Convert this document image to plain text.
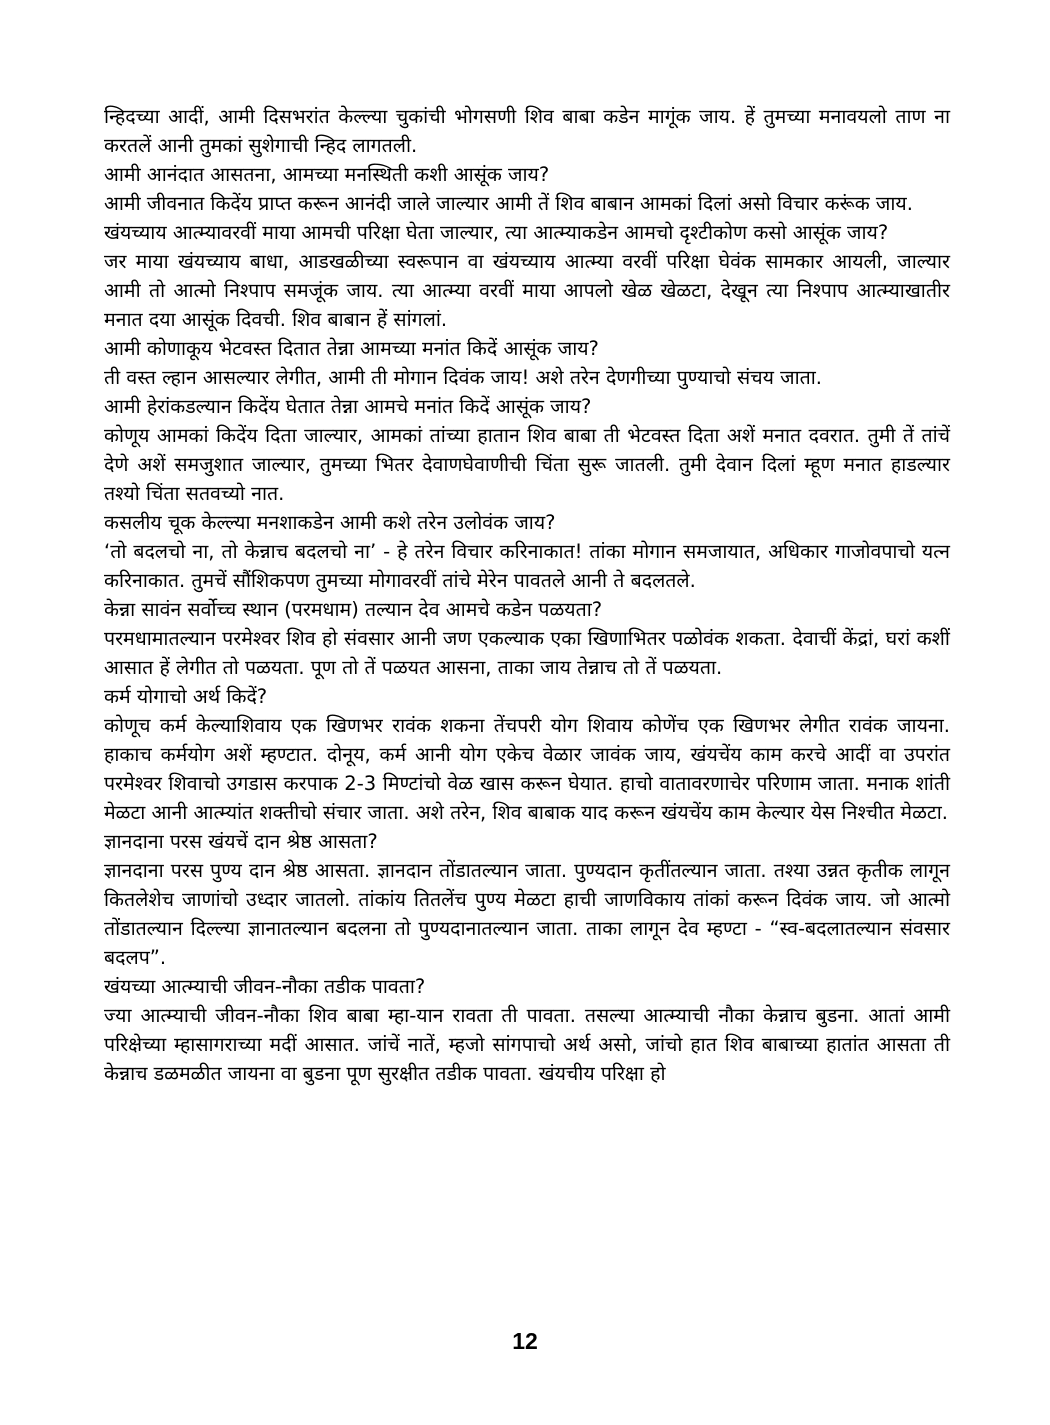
न्हिदच्या आदीं, आमी दिसभरांत केल्ल्या चुकांची भोगसणी शिव बाबा कडेन मागूंक जाय. हें तुमच्या मनावयलो ताण ना करतलें आनी तुमकां सुशेगाची न्हिद लागतली.

आमी आनंदात आसतना, आमच्या मनस्थिती कशी आसूंक जाय?

आमी जीवनात किदेंय प्राप्त करून आनंदी जाले जाल्यार आमी तें शिव बाबान आमकां दिलां असो विचार करूंक जाय.

खंयच्याय आत्म्यावरवीं माया आमची परिक्षा घेता जाल्यार, त्या आत्म्याकडेन आमचो दृश्टीकोण कसो आसूंक जाय?

जर माया खंयच्याय बाधा, आडखळीच्या स्वरूपान वा खंयच्याय आत्म्या वरवीं परिक्षा घेवंक सामकार आयली, जाल्यार आमी तो आत्मो निश्पाप समजूंक जाय. त्या आत्म्या वरवीं माया आपलो खेळ खेळटा, देखून त्या निश्पाप आत्म्याखातीर मनात दया आसूंक दिवची. शिव बाबान हें सांगलां.

आमी कोणाकूय भेटवस्त दितात तेन्ना आमच्या मनांत किदें आसूंक जाय?

ती वस्त ल्हान आसल्यार लेगीत, आमी ती मोगान दिवंक जाय! अशे तरेन देणगीच्या पुण्याचो संचय जाता.

आमी हेरांकडल्यान किदेंय घेतात तेन्ना आमचे मनांत किदें आसूंक जाय?

कोणूय आमकां किदेंय दिता जाल्यार, आमकां तांच्या हातान शिव बाबा ती भेटवस्त दिता अशें मनात दवरात. तुमी तें तांचें देणे अशें समजुशात जाल्यार, तुमच्या भितर देवाणघेवाणीची चिंता सुरू जातली. तुमी देवान दिलां म्हूण मनात हाडल्यार तश्यो चिंता सतवच्यो नात.

कसलीय चूक केल्ल्या मनशाकडेन आमी कशे तरेन उलोवंक जाय?

‘तो बदलचो ना, तो केन्नाच बदलचो ना’ - हे तरेन विचार करिनाकात! तांका मोगान समजायात, अधिकार गाजोवपाचो यत्न करिनाकात. तुमचें सौंशिकपण तुमच्या मोगावरवीं तांचे मेरेन पावतले आनी ते बदलतले.

केन्ना सावंन सर्वोच्च स्थान (परमधाम) तल्यान देव आमचे कडेन पळयता?

परमधामातल्यान परमेश्वर शिव हो संवसार आनी जण एकल्याक एका खिणाभितर पळोवंक शकता. देवाचीं केंद्रां, घरां कशीं आसात हें लेगीत तो पळयता. पूण तो तें पळयत आसना, ताका जाय तेन्नाच तो तें पळयता.

कर्म योगाचो अर्थ किदें?

कोणूच कर्म केल्याशिवाय एक खिणभर रावंक शकना तेंचपरी योग शिवाय कोणेंच एक खिणभर लेगीत रावंक जायना. हाकाच कर्मयोग अशें म्हण्टात. दोनूय, कर्म आनी योग एकेच वेळार जावंक जाय, खंयचेंय काम करचे आदीं वा उपरांत परमेश्वर शिवाचो उगडास करपाक 2-3 मिण्टांचो वेळ खास करून घेयात. हाचो वातावरणाचेर परिणाम जाता. मनाक शांती मेळटा आनी आत्म्यांत शक्तीचो संचार जाता. अशे तरेन, शिव बाबाक याद करून खंयचेंय काम केल्यार येस निश्चीत मेळटा.

ज्ञानदाना परस खंयचें दान श्रेष्ठ आसता?

ज्ञानदाना परस पुण्य दान श्रेष्ठ आसता. ज्ञानदान तोंडातल्यान जाता. पुण्यदान कृतींतल्यान जाता. तश्या उन्नत कृतीक लागून कितलेशेच जाणांचो उध्दार जातलो. तांकांय तितलेंच पुण्य मेळटा हाची जाणविकाय तांकां करून दिवंक जाय. जो आत्मो तोंडातल्यान दिल्ल्या ज्ञानातल्यान बदलना तो पुण्यदानातल्यान जाता. ताका लागून देव म्हण्टा - “स्व-बदलातल्यान संवसार बदलप”.

खंयच्या आत्म्याची जीवन-नौका तडीक पावता?

ज्या आत्म्याची जीवन-नौका शिव बाबा म्हा-यान रावता ती पावता. तसल्या आत्म्याची नौका केन्नाच बुडना. आतां आमी परिक्षेच्या म्हासागराच्या मदीं आसात. जांचें नातें, म्हजो सांगपाचो अर्थ असो, जांचो हात शिव बाबाच्या हातांत आसता ती केन्नाच डळमळीत जायना वा बुडना पूण सुरक्षीत तडीक पावता. खंयचीय परिक्षा हो

12
